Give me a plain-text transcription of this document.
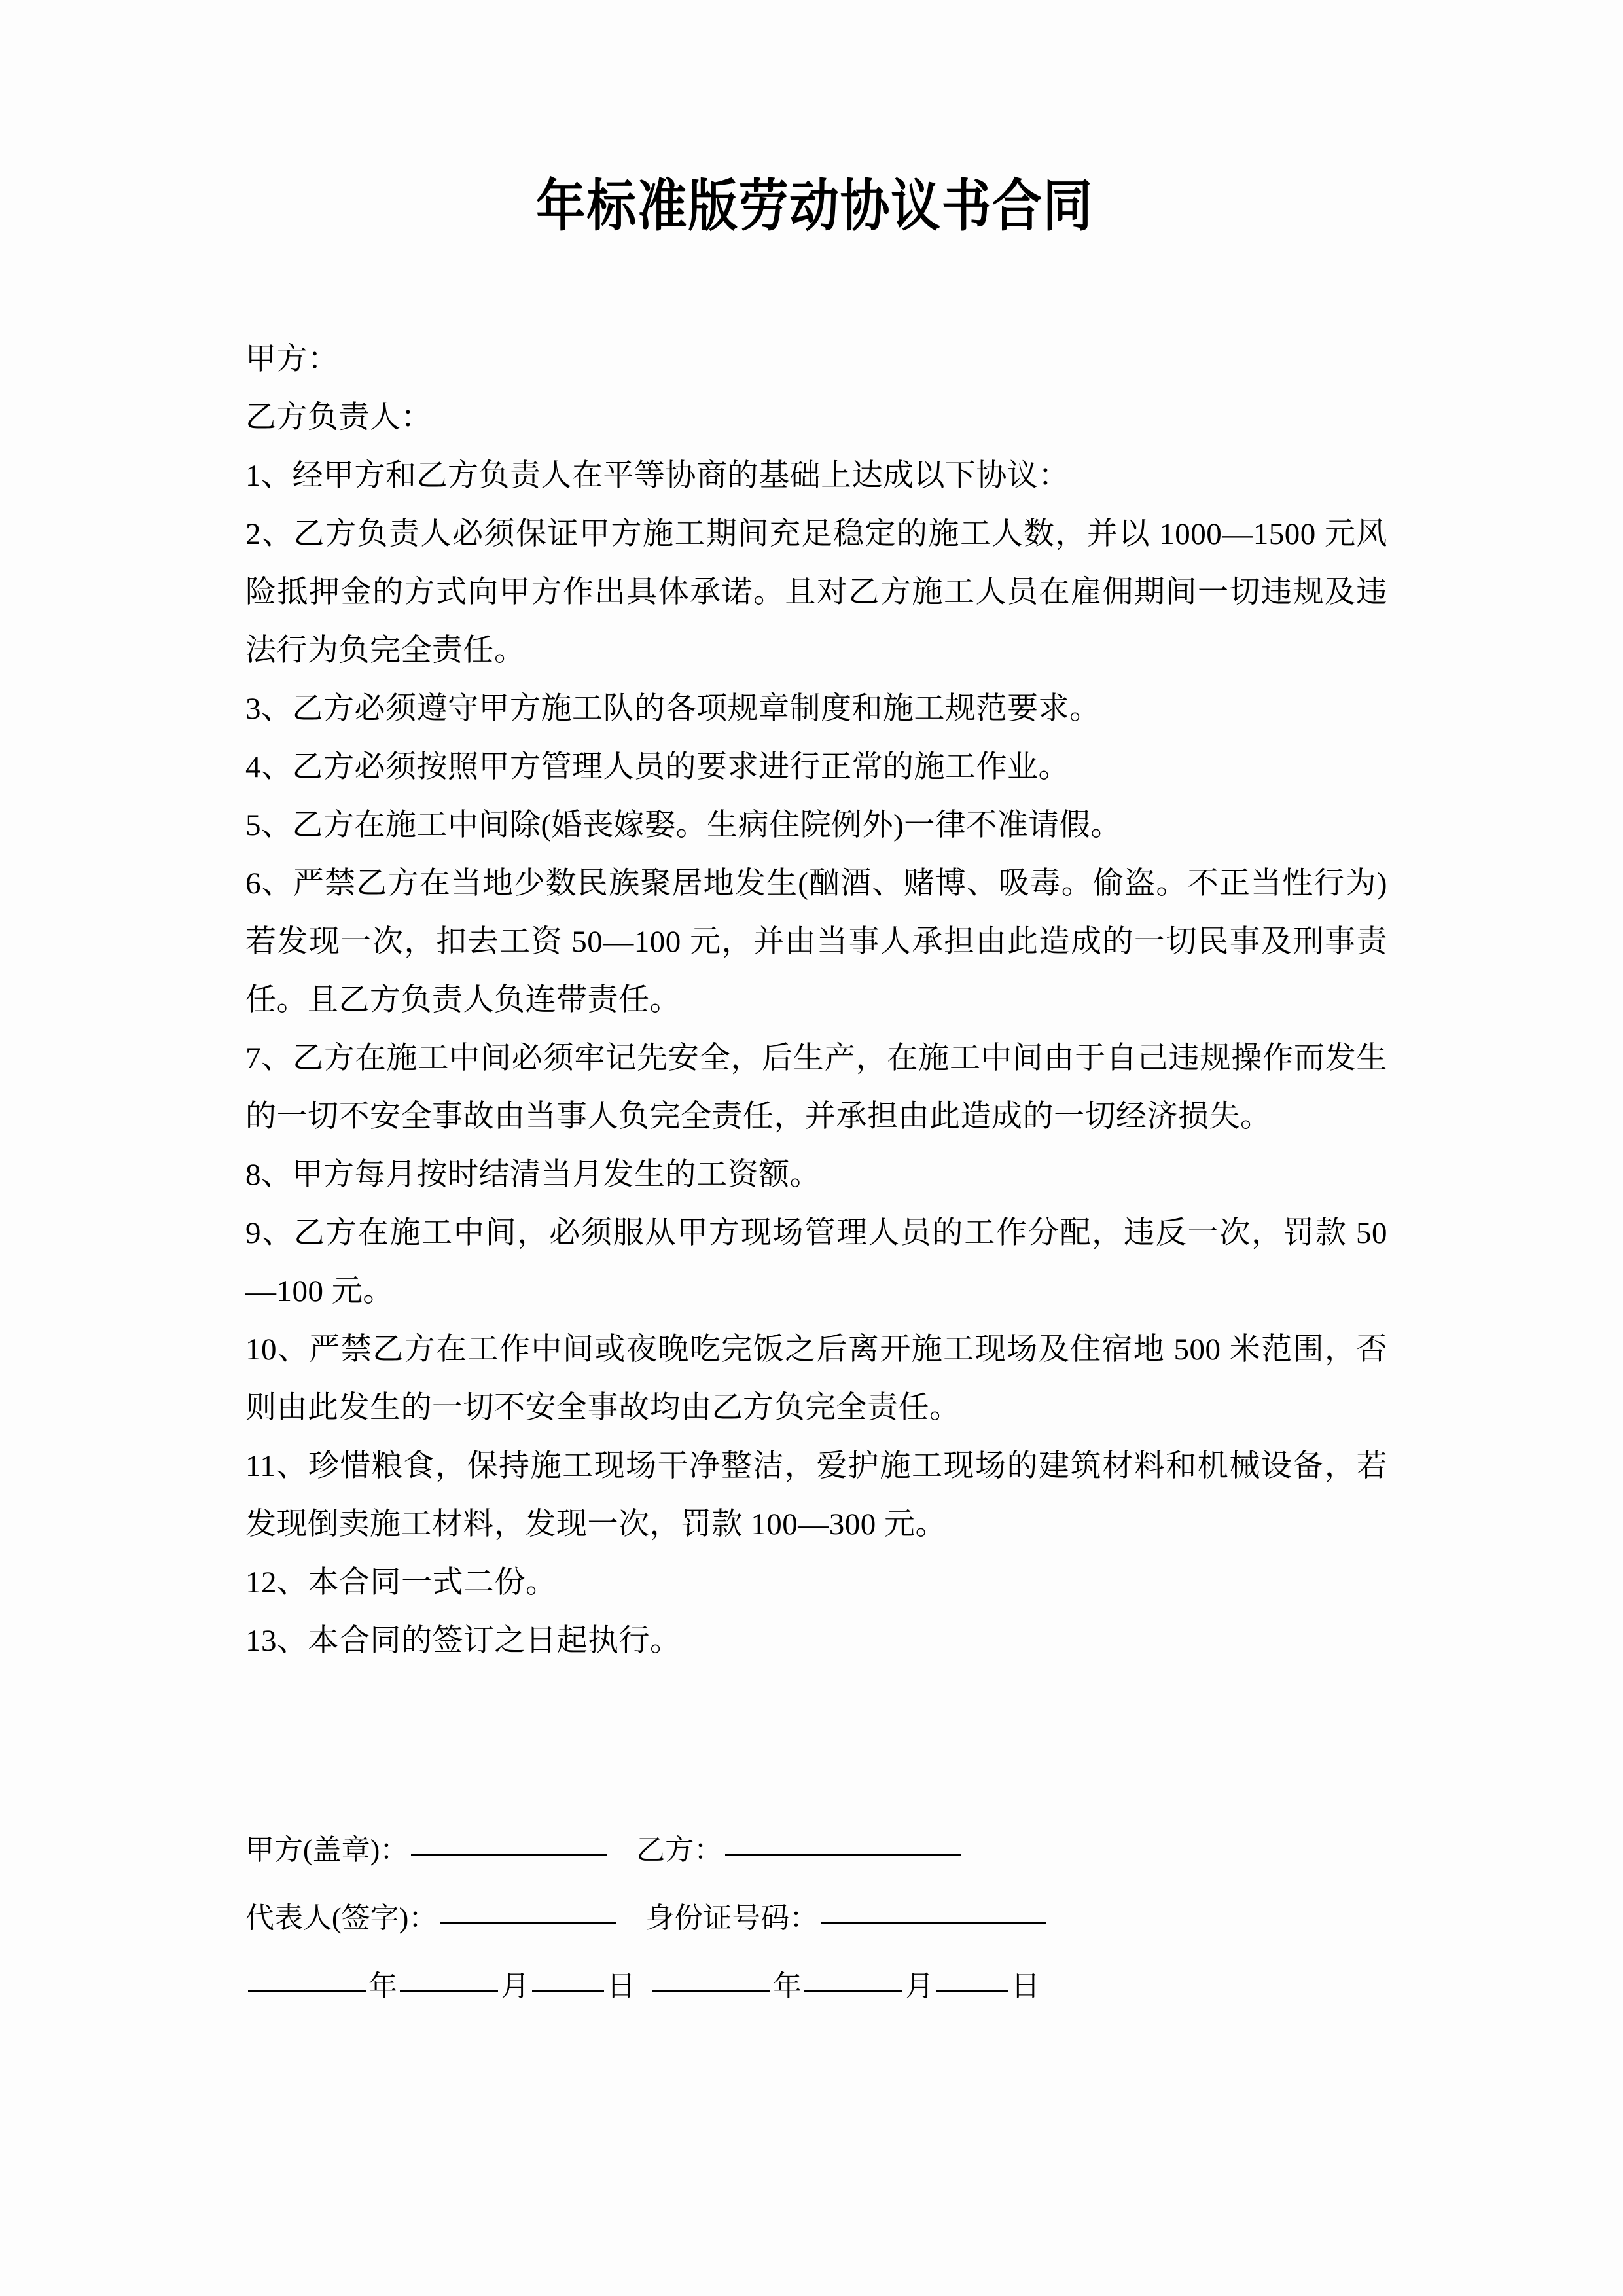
年标准版劳动协议书合同

甲方：

乙方负责人：

1、经甲方和乙方负责人在平等协商的基础上达成以下协议：

2、乙方负责人必须保证甲方施工期间充足稳定的施工人数，并以 1000—1500 元风险抵押金的方式向甲方作出具体承诺。且对乙方施工人员在雇佣期间一切违规及违法行为负完全责任。

3、乙方必须遵守甲方施工队的各项规章制度和施工规范要求。

4、乙方必须按照甲方管理人员的要求进行正常的施工作业。

5、乙方在施工中间除(婚丧嫁娶。生病住院例外)一律不准请假。

6、严禁乙方在当地少数民族聚居地发生(酗酒、赌博、吸毒。偷盗。不正当性行为)若发现一次，扣去工资 50—100 元，并由当事人承担由此造成的一切民事及刑事责任。且乙方负责人负连带责任。

7、乙方在施工中间必须牢记先安全，后生产，在施工中间由于自己违规操作而发生的一切不安全事故由当事人负完全责任，并承担由此造成的一切经济损失。

8、甲方每月按时结清当月发生的工资额。

9、乙方在施工中间，必须服从甲方现场管理人员的工作分配，违反一次，罚款 50—100 元。

10、严禁乙方在工作中间或夜晚吃完饭之后离开施工现场及住宿地 500 米范围，否则由此发生的一切不安全事故均由乙方负完全责任。

11、珍惜粮食，保持施工现场干净整洁，爱护施工现场的建筑材料和机械设备，若发现倒卖施工材料，发现一次，罚款 100—300 元。

12、本合同一式二份。

13、本合同的签订之日起执行。

甲方(盖章)：	乙方：
代表人(签字)：	身份证号码：
年	月	日	年	月	日
